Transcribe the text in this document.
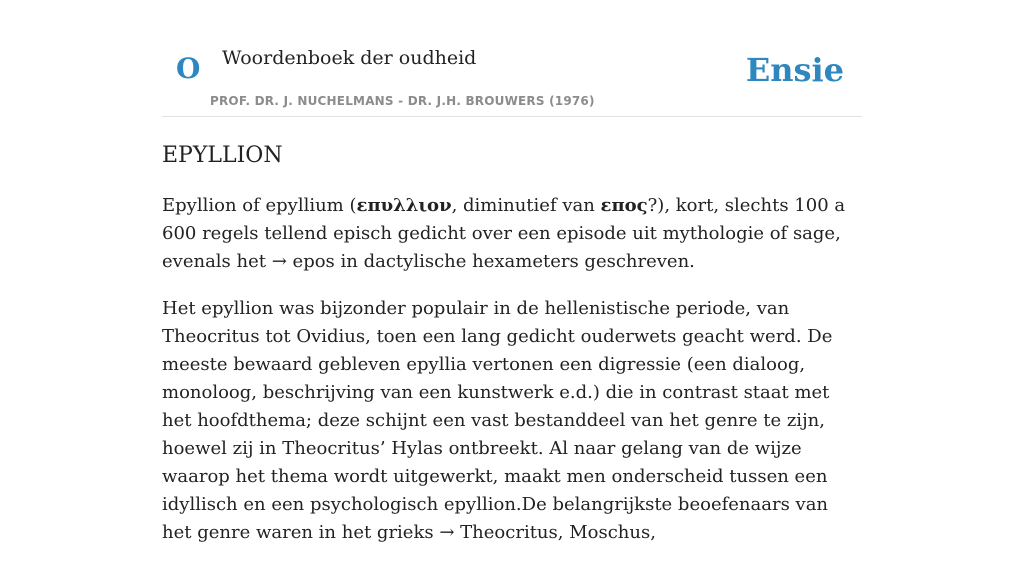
O Woordenboek der oudheid
PROF. DR. J. NUCHELMANS - DR. J.H. BROUWERS (1976)
Ensie
EPYLLION

Epyllion of epyllium (επυλλιον, diminutief van επος?), kort, slechts 100 a 600 regels tellend episch gedicht over een episode uit mythologie of sage, evenals het → epos in dactylische hexameters geschreven.

Het epyllion was bijzonder populair in de hellenistische periode, van Theocritus tot Ovidius, toen een lang gedicht ouderwets geacht werd. De meeste bewaard gebleven epyllia vertonen een digressie (een dialoog, monoloog, beschrijving van een kunstwerk e.d.) die in contrast staat met het hoofdthema; deze schijnt een vast bestanddeel van het genre te zijn, hoewel zij in Theocritus’ Hylas ontbreekt. Al naar gelang van de wijze waarop het thema wordt uitgewerkt, maakt men onderscheid tussen een idyllisch en een psychologisch epyllion.De belangrijkste beoefenaars van het genre waren in het grieks → Theocritus, Moschus,
